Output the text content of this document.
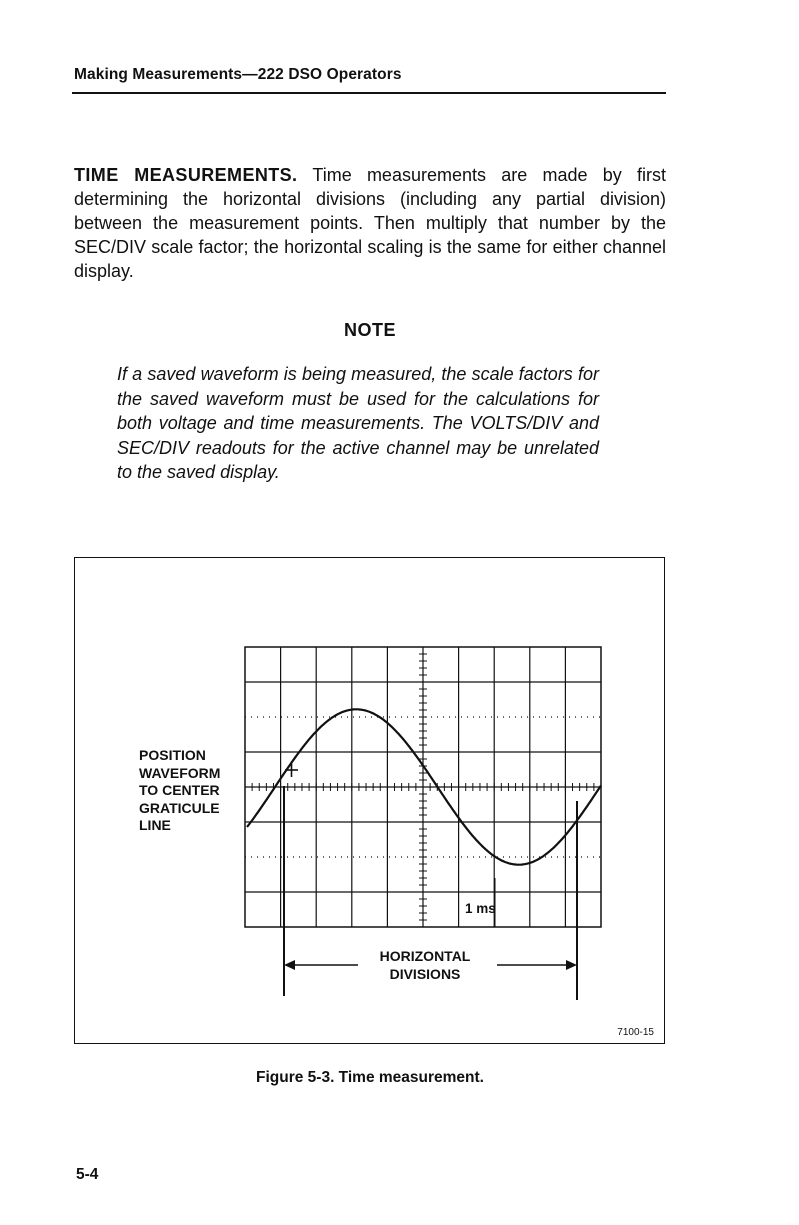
Making Measurements—222 DSO Operators
TIME MEASUREMENTS. Time measurements are made by first determining the horizontal divisions (including any partial division) between the measurement points. Then multiply that number by the SEC/DIV scale factor; the horizontal scaling is the same for either channel display.
NOTE
If a saved waveform is being measured, the scale factors for the saved waveform must be used for the calculations for both voltage and time measurements. The VOLTS/DIV and SEC/DIV readouts for the active channel may be unrelated to the saved display.
POSITION
WAVEFORM
TO CENTER
GRATICULE
LINE
1 ms
HORIZONTAL
DIVISIONS
7100-15
Figure 5-3. Time measurement.
5-4
